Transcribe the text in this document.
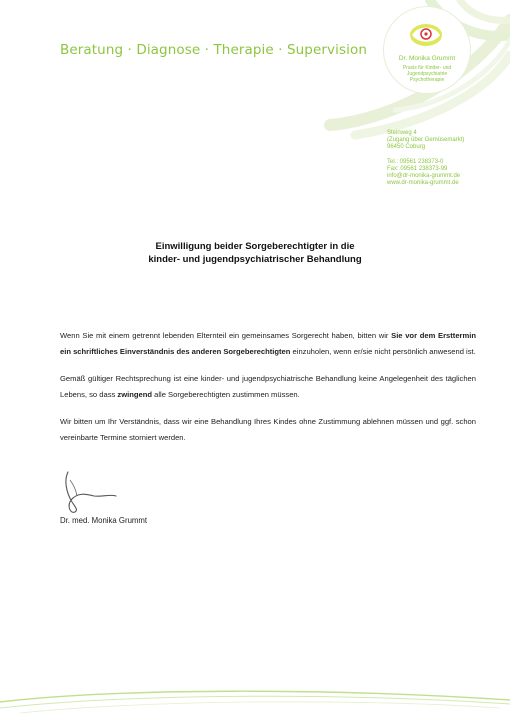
Beratung · Diagnose · Therapie · Supervision
Dr. Monika Grummt
Praxis für Kinder- und
Jugendpsychiatrie
Psychotherapie
Steinweg 4
(Zugang über Gemüsemarkt)
96450 Coburg
Tel.: 09561 238373-0
Fax: 09561 238373-99
info@dr-monika-grummt.de
www.dr-monika-grummt.de
Einwilligung beider Sorgeberechtigter in die
kinder- und jugendpsychiatrischer Behandlung

Wenn Sie mit einem getrennt lebenden Elternteil ein gemeinsames Sorgerecht haben, bitten wir Sie vor dem Ersttermin ein schriftliches Einverständnis des anderen Sorgeberechtigten einzuholen, wenn er/sie nicht persönlich anwesend ist.

Gemäß gültiger Rechtsprechung ist eine kinder- und jugendpsychiatrische Behandlung keine Angelegenheit des täglichen Lebens, so dass zwingend alle Sorgeberechtigten zustimmen müssen.

Wir bitten um Ihr Verständnis, dass wir eine Behandlung Ihres Kindes ohne Zustimmung ablehnen müssen und ggf. schon vereinbarte Termine storniert werden.

Dr. med. Monika Grummt
